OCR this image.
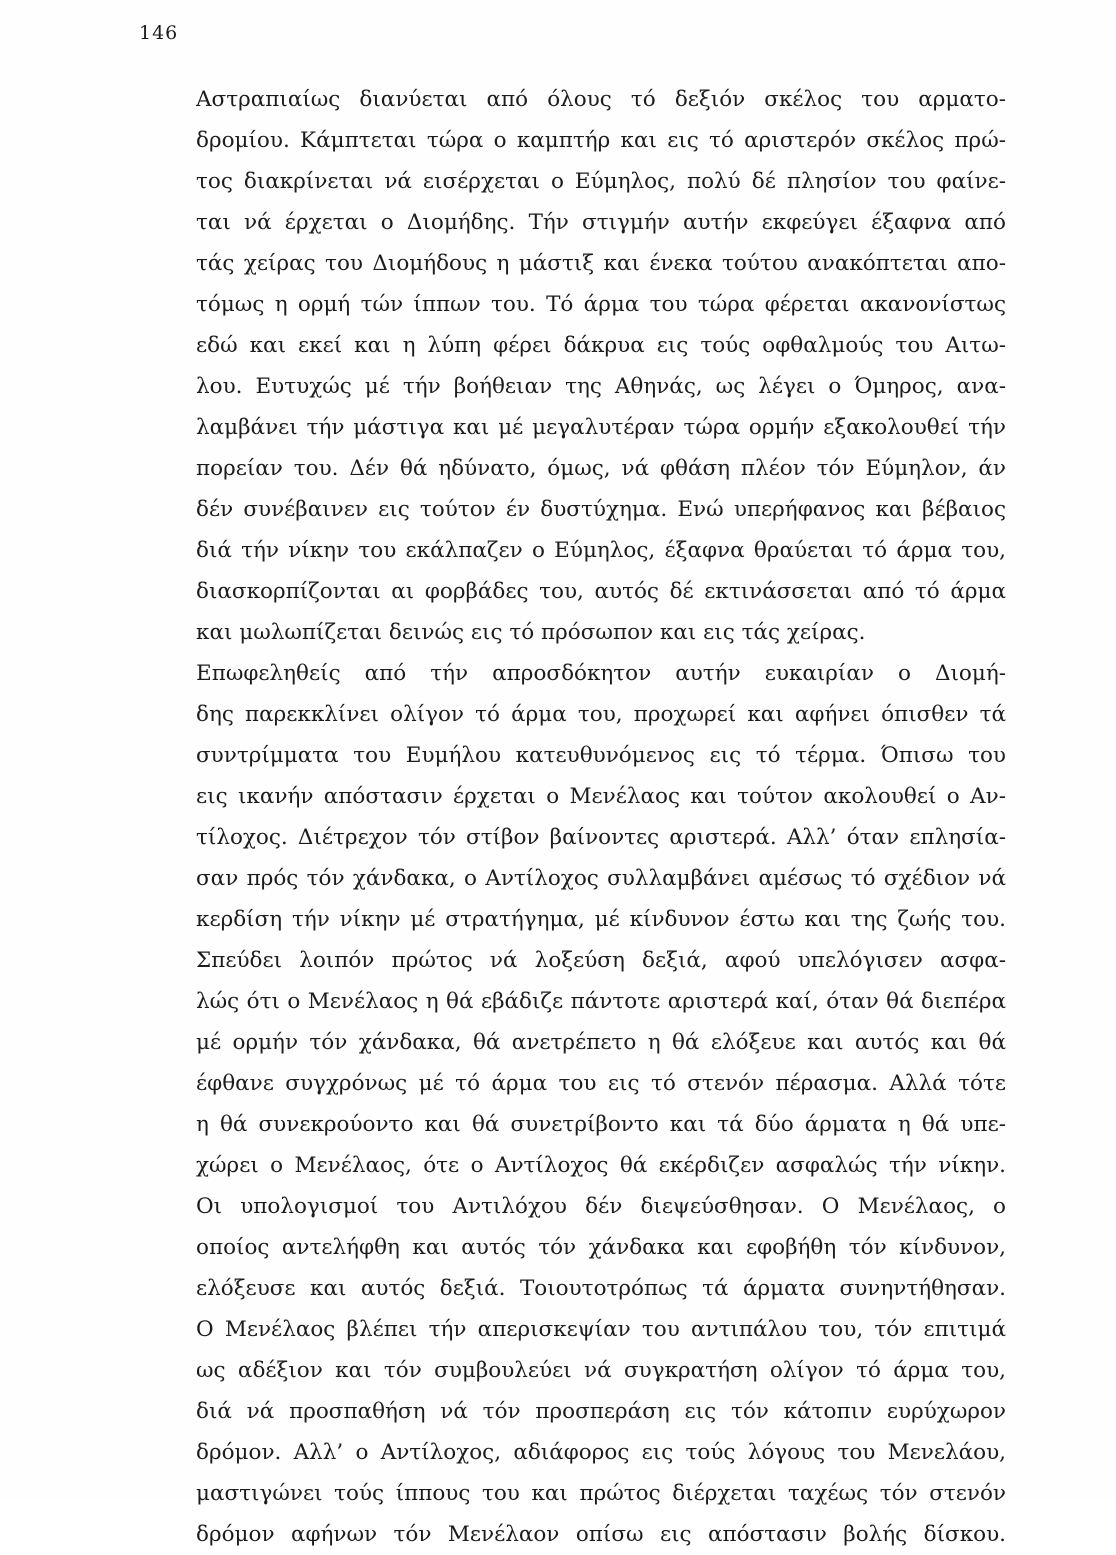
146
Αστραπιαίως διανύεται από όλους τό δεξιόν σκέλος του αρματο-
δρομίου. Κάμπτεται τώρα ο καμπτήρ και εις τό αριστερόν σκέλος πρώ-
τος διακρίνεται νά εισέρχεται ο Εύμηλος, πολύ δέ πλησίον του φαίνε-
ται νά έρχεται ο Διομήδης. Τήν στιγμήν αυτήν εκφεύγει έξαφνα από
τάς χείρας του Διομήδους η μάστιξ και ένεκα τούτου ανακόπτεται απο-
τόμως η ορμή τών ίππων του. Τό άρμα του τώρα φέρεται ακανονίστως
εδώ και εκεί και η λύπη φέρει δάκρυα εις τούς οφθαλμούς του Αιτω-
λου. Ευτυχώς μέ τήν βοήθειαν της Αθηνάς, ως λέγει ο Όμηρος, ανα-
λαμβάνει τήν μάστιγα και μέ μεγαλυτέραν τώρα ορμήν εξακολουθεί τήν
πορείαν του. Δέν θά ηδύνατο, όμως, νά φθάση πλέον τόν Εύμηλον, άν
δέν συνέβαινεν εις τούτον έν δυστύχημα. Ενώ υπερήφανος και βέβαιος
διά τήν νίκην του εκάλπαζεν ο Εύμηλος, έξαφνα θραύεται τό άρμα του,
διασκορπίζονται αι φορβάδες του, αυτός δέ εκτινάσσεται από τό άρμα
και μωλωπίζεται δεινώς εις τό πρόσωπον και εις τάς χείρας.
Επωφεληθείς από τήν απροσδόκητον αυτήν ευκαιρίαν ο Διομή-
δης παρεκκλίνει ολίγον τό άρμα του, προχωρεί και αφήνει όπισθεν τά
συντρίμματα του Ευμήλου κατευθυνόμενος εις τό τέρμα. Όπισω του
εις ικανήν απόστασιν έρχεται ο Μενέλαος και τούτον ακολουθεί ο Αν-
τίλοχος. Διέτρεχον τόν στίβον βαίνοντες αριστερά. Αλλ’ όταν επλησία-
σαν πρός τόν χάνδακα, ο Αντίλοχος συλλαμβάνει αμέσως τό σχέδιον νά
κερδίση τήν νίκην μέ στρατήγημα, μέ κίνδυνον έστω και της ζωής του.
Σπεύδει λοιπόν πρώτος νά λοξεύση δεξιά, αφού υπελόγισεν ασφα-
λώς ότι ο Μενέλαος η θά εβάδιζε πάντοτε αριστερά καί, όταν θά διεπέρα
μέ ορμήν τόν χάνδακα, θά ανετρέπετο η θά ελόξευε και αυτός και θά
έφθανε συγχρόνως μέ τό άρμα του εις τό στενόν πέρασμα. Αλλά τότε
η θά συνεκρούοντο και θά συνετρίβοντο και τά δύο άρματα η θά υπε-
χώρει ο Μενέλαος, ότε ο Αντίλοχος θά εκέρδιζεν ασφαλώς τήν νίκην.
Οι υπολογισμοί του Αντιλόχου δέν διεψεύσθησαν. Ο Μενέλαος, ο
οποίος αντελήφθη και αυτός τόν χάνδακα και εφοβήθη τόν κίνδυνον,
ελόξευσε και αυτός δεξιά. Τοιουτοτρόπως τά άρματα συνηντήθησαν.
Ο Μενέλαος βλέπει τήν απερισκεψίαν του αντιπάλου του, τόν επιτιμά
ως αδέξιον και τόν συμβουλεύει νά συγκρατήση ολίγον τό άρμα του,
διά νά προσπαθήση νά τόν προσπεράση εις τόν κάτοπιν ευρύχωρον
δρόμον. Αλλ’ ο Αντίλοχος, αδιάφορος εις τούς λόγους του Μενελάου,
μαστιγώνει τούς ίππους του και πρώτος διέρχεται ταχέως τόν στενόν
δρόμον αφήνων τόν Μενέλαον οπίσω εις απόστασιν βολής δίσκου.
